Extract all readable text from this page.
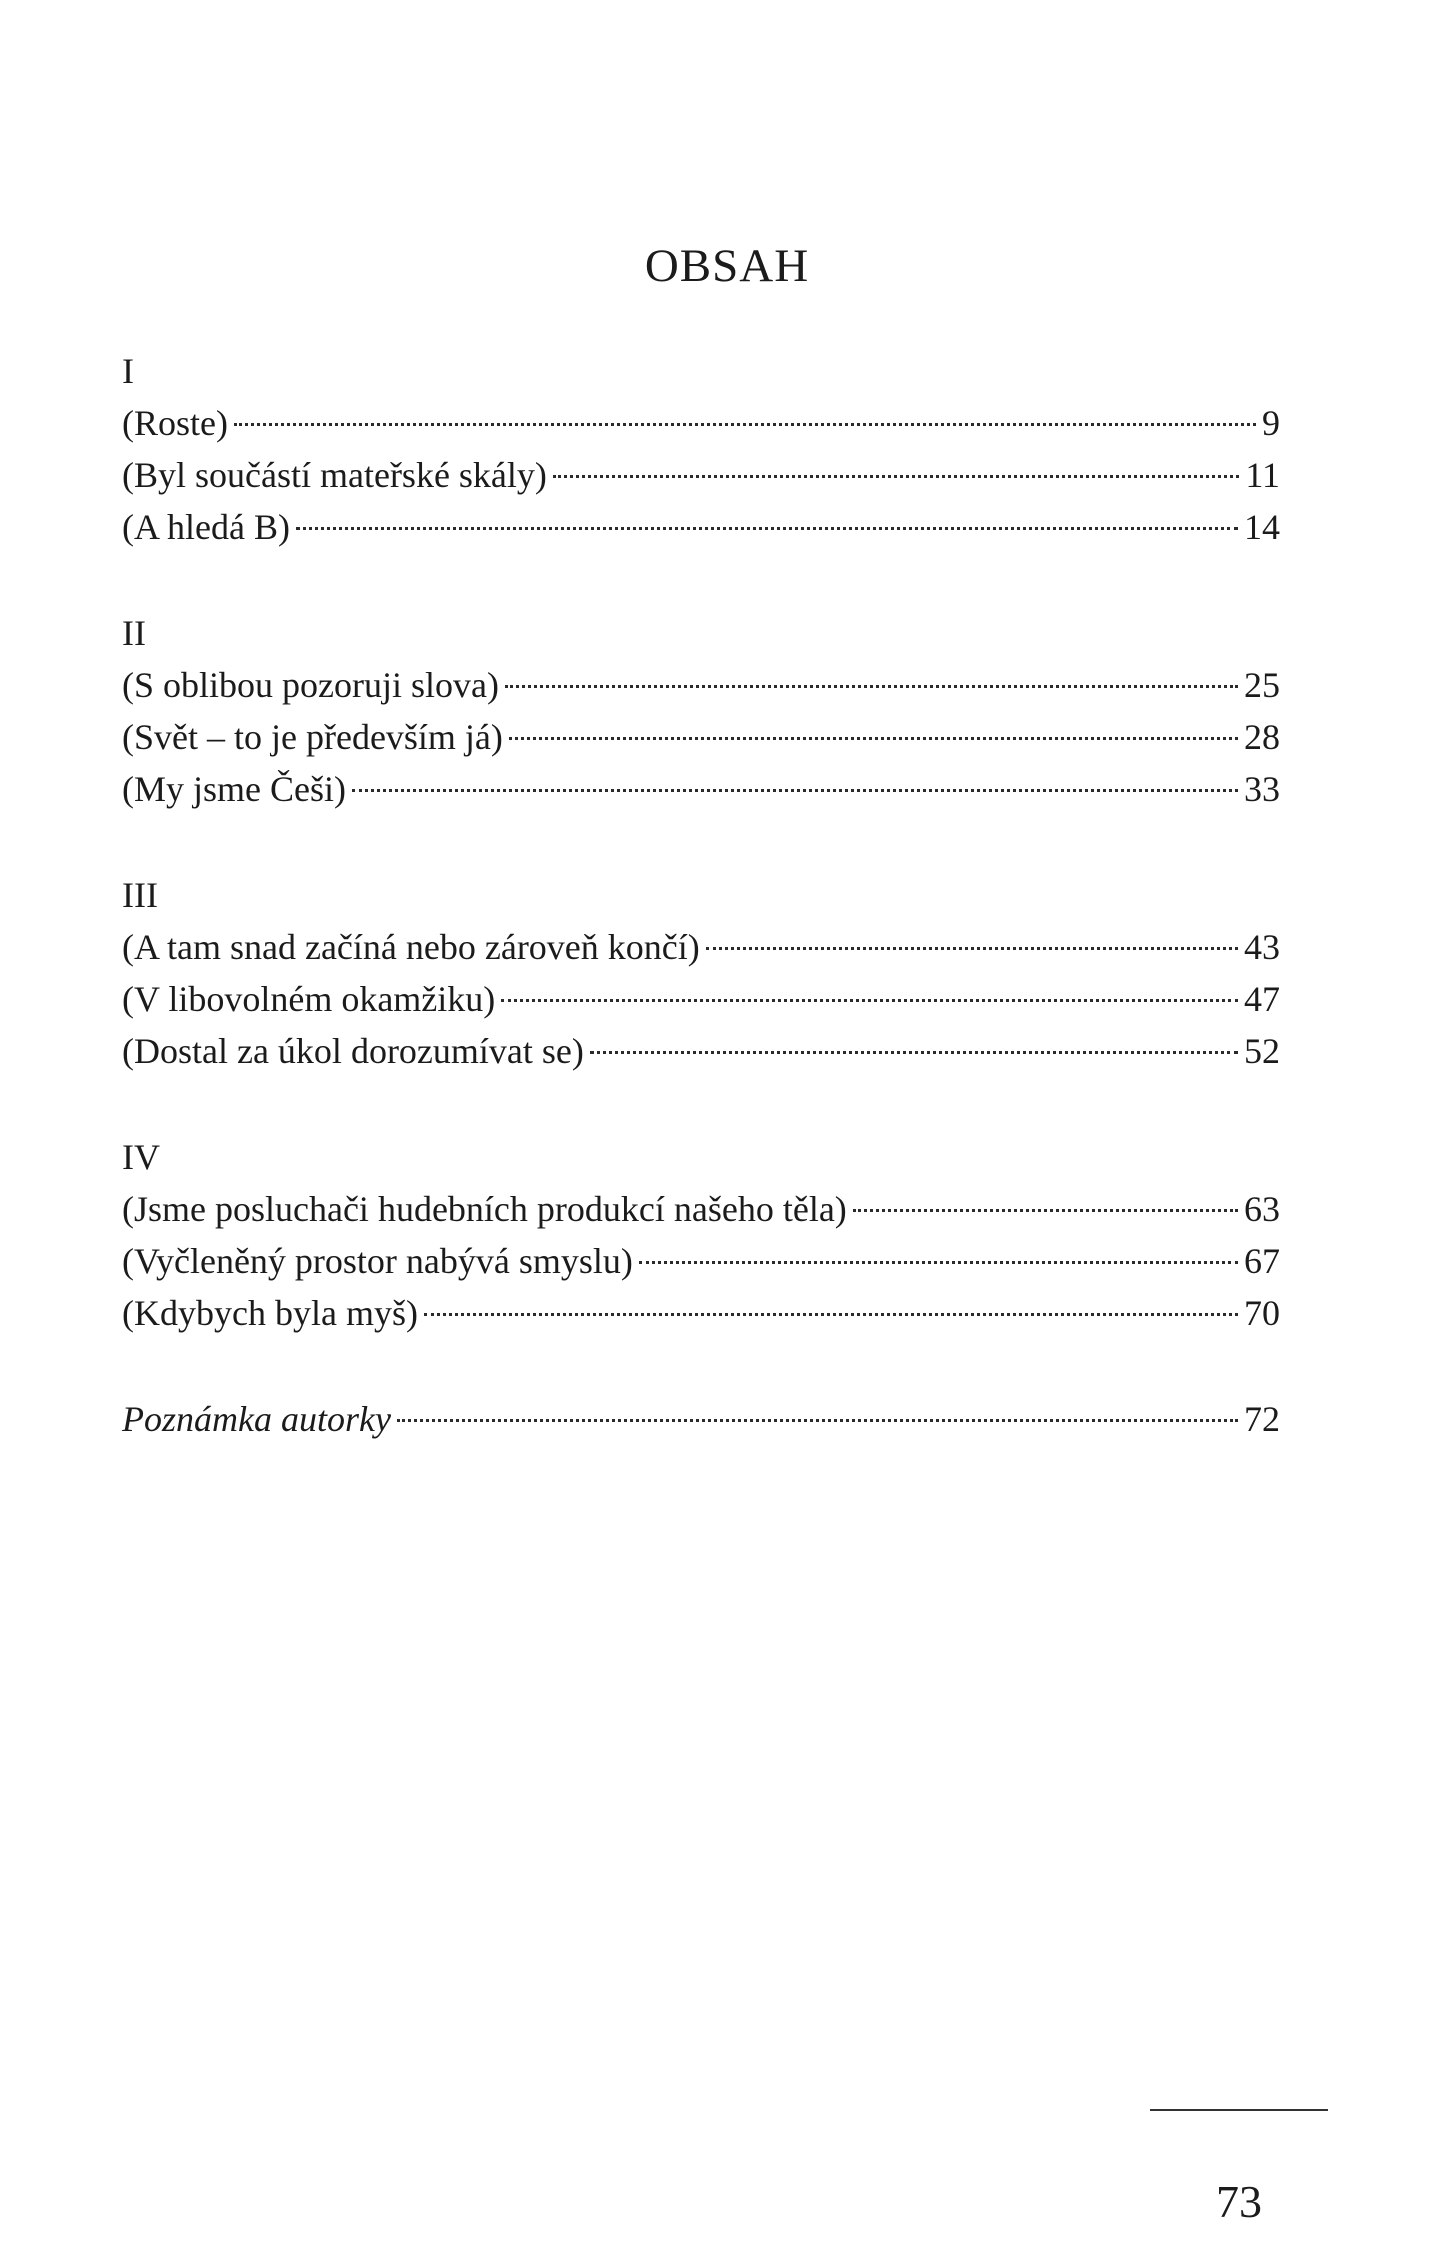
OBSAH
I
(Roste)	9
(Byl součástí mateřské skály)	11
(A hledá B)	14
II
(S oblibou pozoruji slova)	25
(Svět – to je především já)	28
(My jsme Češi)	33
III
(A tam snad začíná nebo zároveň končí)	43
(V libovolném okamžiku)	47
(Dostal za úkol dorozumívat se)	52
IV
(Jsme posluchači hudebních produkcí našeho těla)	63
(Vyčleněný prostor nabývá smyslu)	67
(Kdybych byla myš)	70
Poznámka autorky	72
73
